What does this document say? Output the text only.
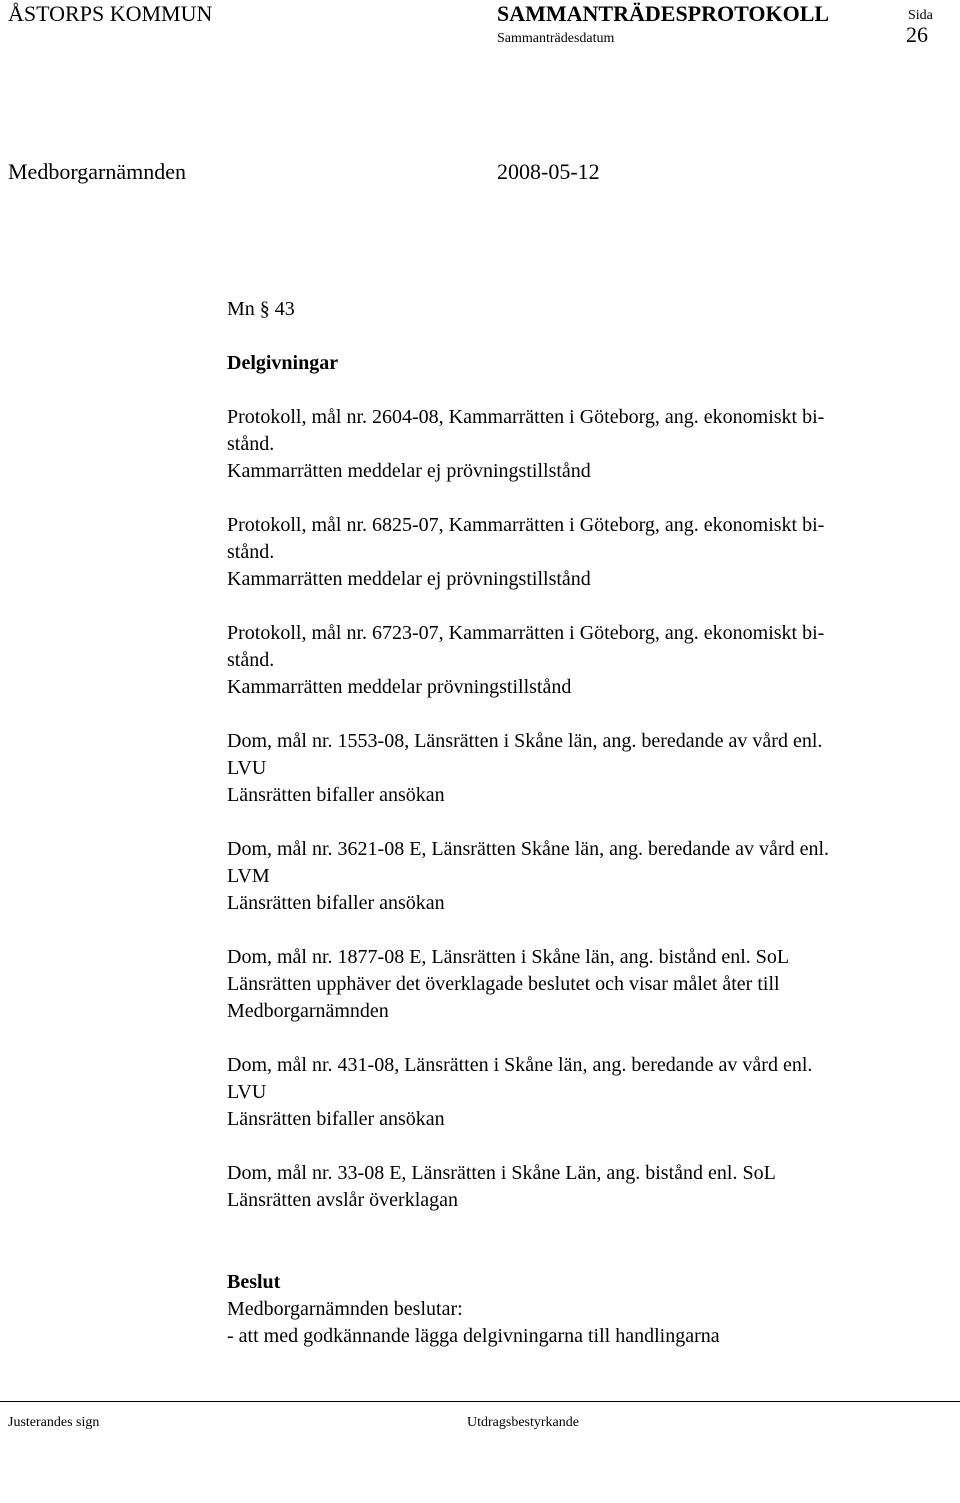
ÅSTORPS KOMMUN	SAMMANTRÄDESPROTOKOLL
Sammanträdesdatum
Sida
26
Medborgarnämnden	2008-05-12
Mn § 43
Delgivningar
Protokoll, mål nr. 2604-08, Kammarrätten i Göteborg, ang. ekonomiskt bi-
stånd.
Kammarrätten meddelar ej prövningstillstånd
Protokoll, mål nr. 6825-07, Kammarrätten i Göteborg, ang. ekonomiskt bi-
stånd.
Kammarrätten meddelar ej prövningstillstånd
Protokoll, mål nr. 6723-07, Kammarrätten i Göteborg, ang. ekonomiskt bi-
stånd.
Kammarrätten meddelar prövningstillstånd
Dom, mål nr. 1553-08, Länsrätten i Skåne län, ang. beredande av vård enl.
LVU
Länsrätten bifaller ansökan
Dom, mål nr. 3621-08 E, Länsrätten Skåne län, ang. beredande av vård enl.
LVM
Länsrätten bifaller ansökan
Dom, mål nr. 1877-08 E, Länsrätten i Skåne län, ang. bistånd enl. SoL
Länsrätten upphäver det överklagade beslutet och visar målet åter till
Medborgarnämnden
Dom, mål nr. 431-08, Länsrätten i Skåne län, ang. beredande av vård enl.
LVU
Länsrätten bifaller ansökan
Dom, mål nr. 33-08 E, Länsrätten i Skåne Län, ang. bistånd enl. SoL
Länsrätten avslår överklagan
Beslut
Medborgarnämnden beslutar:
- att med godkännande lägga delgivningarna till handlingarna
Justerandes sign	Utdragsbestyrkande
